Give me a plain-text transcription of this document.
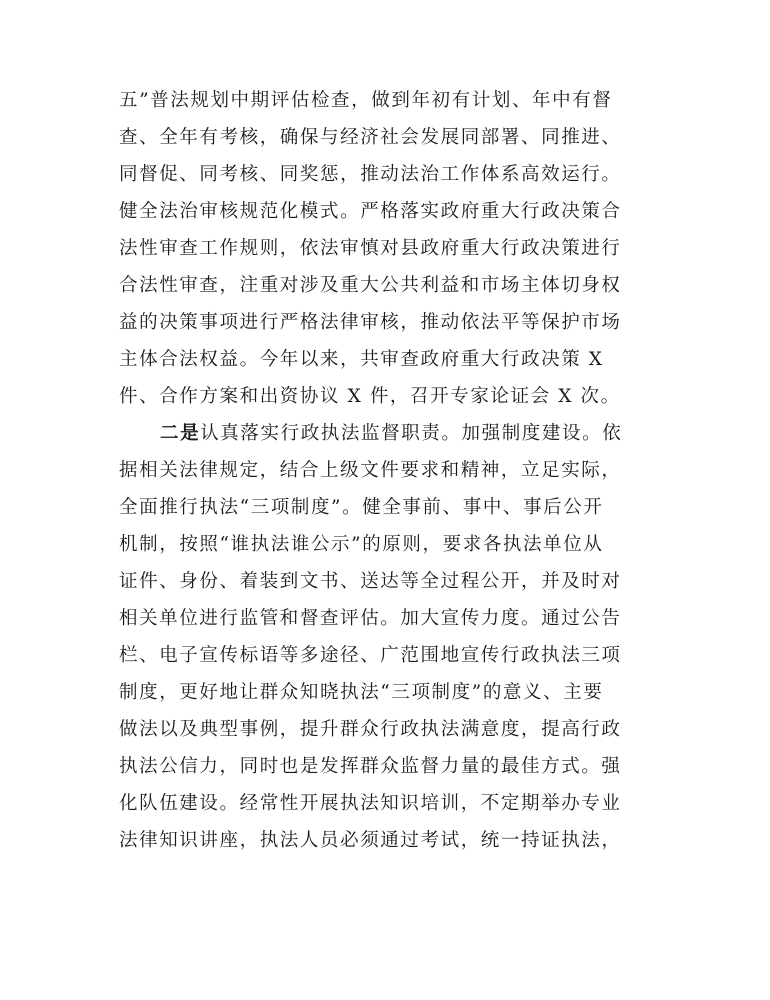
五”普法规划中期评估检查，做到年初有计划、年中有督
查、全年有考核，确保与经济社会发展同部署、同推进、
同督促、同考核、同奖惩，推动法治工作体系高效运行。
健全法治审核规范化模式。严格落实政府重大行政决策合
法性审查工作规则，依法审慎对县政府重大行政决策进行
合法性审查，注重对涉及重大公共利益和市场主体切身权
益的决策事项进行严格法律审核，推动依法平等保护市场
主体合法权益。今年以来，共审查政府重大行政决策 X
件、合作方案和出资协议 X 件，召开专家论证会 X 次。
二是认真落实行政执法监督职责。加强制度建设。依
据相关法律规定，结合上级文件要求和精神，立足实际，
全面推行执法“三项制度”。健全事前、事中、事后公开
机制，按照“谁执法谁公示”的原则，要求各执法单位从
证件、身份、着装到文书、送达等全过程公开，并及时对
相关单位进行监管和督查评估。加大宣传力度。通过公告
栏、电子宣传标语等多途径、广范围地宣传行政执法三项
制度，更好地让群众知晓执法“三项制度”的意义、主要
做法以及典型事例，提升群众行政执法满意度，提高行政
执法公信力，同时也是发挥群众监督力量的最佳方式。强
化队伍建设。经常性开展执法知识培训，不定期举办专业
法律知识讲座，执法人员必须通过考试，统一持证执法，
